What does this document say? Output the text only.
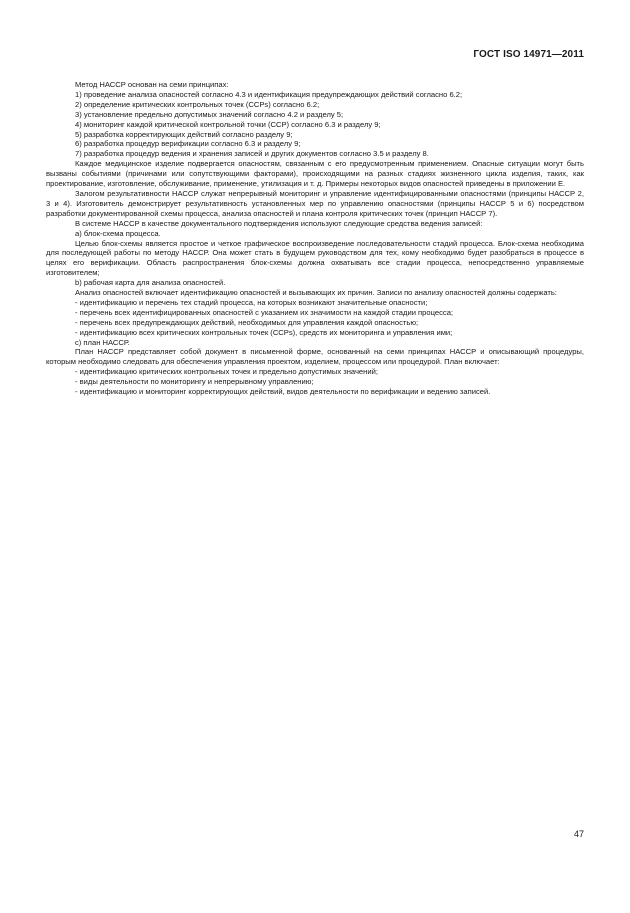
ГОСТ ISO 14971—2011

Метод НАССР основан на семи принципах:

1) проведение анализа опасностей согласно 4.3 и идентификация предупреждающих действий согласно 6.2;

2) определение критических контрольных точек (ССРs) согласно 6.2;

3) установление предельно допустимых значений согласно 4.2 и разделу 5;

4) мониторинг каждой критической контрольной точки (ССР) согласно 6.3 и разделу 9;

5) разработка корректирующих действий согласно разделу 9;

6) разработка процедур верификации согласно 6.3 и разделу 9;

7) разработка процедур ведения и хранения записей и других документов согласно 3.5 и разделу 8.

Каждое медицинское изделие подвергается опасностям, связанным с его предусмотренным применением. Опасные ситуации могут быть вызваны событиями (причинами или сопутствующими факторами), происходящими на разных стадиях жизненного цикла изделия, таких, как проектирование, изготовление, обслуживание, применение, утилизация и т. д. Примеры некоторых видов опасностей приведены в приложении Е.

Залогом результативности НАССР служат непрерывный мониторинг и управление идентифицированными опасностями (принципы НАССР 2, 3 и 4). Изготовитель демонстрирует результативность установленных мер по управлению опасностями (принципы НАССР 5 и 6) посредством разработки документированной схемы процесса, анализа опасностей и плана контроля критических точек (принцип НАССР 7).

В системе НАССР в качестве документального подтверждения используют следующие средства ведения записей:

а) блок-схема процесса.

Целью блок-схемы является простое и четкое графическое воспроизведение последовательности стадий процесса. Блок-схема необходима для последующей работы по методу НАССР. Она может стать в будущем руководством для тех, кому необходимо будет разобраться в процессе в целях его верификации. Область распространения блок-схемы должна охватывать все стадии процесса, непосредственно управляемые изготовителем;

b) рабочая карта для анализа опасностей.

Анализ опасностей включает идентификацию опасностей и вызывающих их причин. Записи по анализу опасностей должны содержать:

- идентификацию и перечень тех стадий процесса, на которых возникают значительные опасности;

- перечень всех идентифицированных опасностей с указанием их значимости на каждой стадии процесса;

- перечень всех предупреждающих действий, необходимых для управления каждой опасностью;

- идентификацию всех критических контрольных точек (ССРs), средств их мониторинга и управления ими;

с) план НАССР.

План НАССР представляет собой документ в письменной форме, основанный на семи принципах НАССР и описывающий процедуры, которым необходимо следовать для обеспечения управления проектом, изделием, процессом или процедурой. План включает:

- идентификацию критических контрольных точек и предельно допустимых значений;

- виды деятельности по мониторингу и непрерывному управлению;

- идентификацию и мониторинг корректирующих действий, видов деятельности по верификации и ведению записей.

47
